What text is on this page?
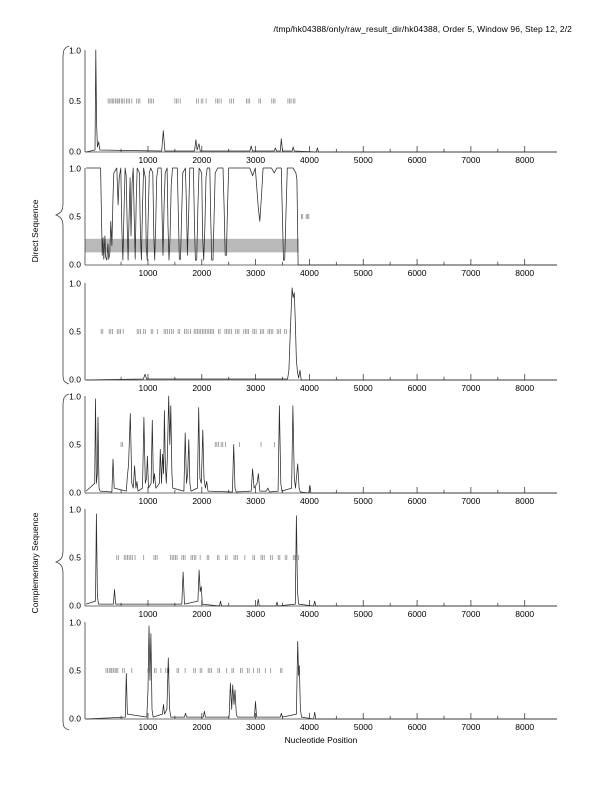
/tmp/hk04388/only/raw_result_dir/hk04388, Order 5, Window 96, Step 12, 2/2
1000	2000	3000	4000	5000	6000	7000	8000
1.0
0.5
0.0
1000	2000	3000	4000	5000	6000	7000	8000
1.0
0.5
0.0
1000	2000	3000	4000	5000	6000	7000	8000
1.0
0.5
0.0
1000	2000	3000	4000	5000	6000	7000	8000
1.0
0.5
0.0
1000	2000	3000	4000	5000	6000	7000	8000
1.0
0.5
0.0
1000	2000	3000	4000	5000	6000	7000	8000
1.0
0.5
0.0
Direct Sequence
Complementary Sequence
Nucleotide Position
